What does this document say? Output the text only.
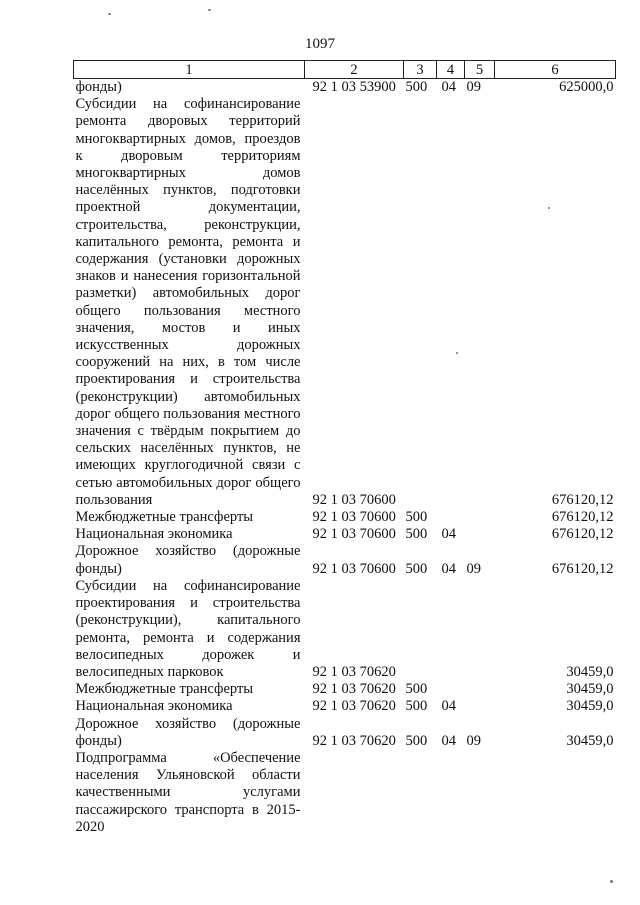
1097
1	2	3	4	5	6
фонды)	92 1 03 53900	500	04	09	625000,0
Субсидии на софинансирование ремонта дворовых территорий многоквартирных домов, проездов к дворовым территориям многоквартирных домов населённых пунктов, подготовки проектной документации, строительства, реконструкции, капитального ремонта, ремонта и содержания (установки дорожных знаков и нанесения горизонтальной разметки) автомобильных дорог общего пользования местного значения, мостов и иных искусственных дорожных сооружений на них, в том числе проектирования и строительства (реконструкции) автомобильных дорог общего пользования местного значения с твёрдым покрытием до сельских населённых пунктов, не имеющих круглогодичной связи с сетью автомобильных дорог общего пользования	92 1 03 70600				676120,12
Межбюджетные трансферты	92 1 03 70600	500			676120,12
Национальная экономика	92 1 03 70600	500	04		676120,12
Дорожное хозяйство (дорожные фонды)	92 1 03 70600	500	04	09	676120,12
Субсидии на софинансирование проектирования и строительства (реконструкции), капитального ремонта, ремонта и содержания велосипедных дорожек и велосипедных парковок	92 1 03 70620				30459,0
Межбюджетные трансферты	92 1 03 70620	500			30459,0
Национальная экономика	92 1 03 70620	500	04		30459,0
Дорожное хозяйство (дорожные фонды)	92 1 03 70620	500	04	09	30459,0
Подпрограмма «Обеспечение населения Ульяновской области качественными услугами пассажирского транспорта в 2015-2020					
